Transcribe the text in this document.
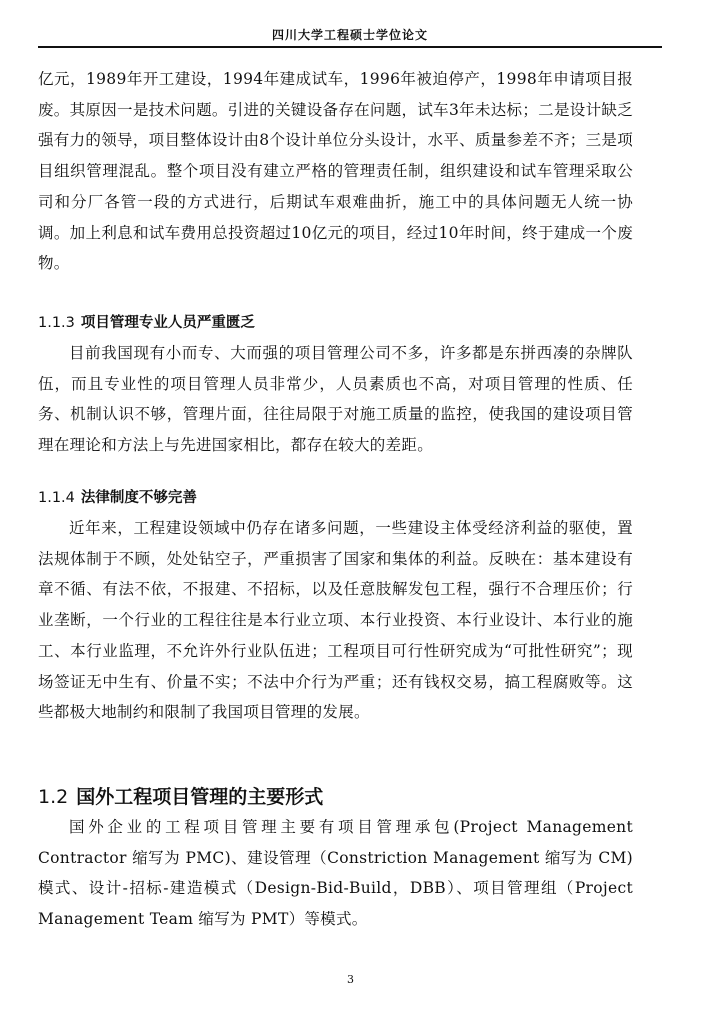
四川大学工程硕士学位论文

亿元，1989年开工建设，1994年建成试车，1996年被迫停产，1998年申请项目报废。其原因一是技术问题。引进的关键设备存在问题，试车3年未达标；二是设计缺乏强有力的领导，项目整体设计由8个设计单位分头设计，水平、质量参差不齐；三是项目组织管理混乱。整个项目没有建立严格的管理责任制，组织建设和试车管理采取公司和分厂各管一段的方式进行，后期试车艰难曲折，施工中的具体问题无人统一协调。加上利息和试车费用总投资超过10亿元的项目，经过10年时间，终于建成一个废物。

1.1.3 项目管理专业人员严重匮乏

目前我国现有小而专、大而强的项目管理公司不多，许多都是东拼西凑的杂牌队伍，而且专业性的项目管理人员非常少，人员素质也不高，对项目管理的性质、任务、机制认识不够，管理片面，往往局限于对施工质量的监控，使我国的建设项目管理在理论和方法上与先进国家相比，都存在较大的差距。

1.1.4 法律制度不够完善

近年来，工程建设领域中仍存在诸多问题，一些建设主体受经济利益的驱使，置法规体制于不顾，处处钻空子，严重损害了国家和集体的利益。反映在：基本建设有章不循、有法不依，不报建、不招标，以及任意肢解发包工程，强行不合理压价；行业垄断，一个行业的工程往往是本行业立项、本行业投资、本行业设计、本行业的施工、本行业监理，不允许外行业队伍进；工程项目可行性研究成为“可批性研究”；现场签证无中生有、价量不实；不法中介行为严重；还有钱权交易，搞工程腐败等。这些都极大地制约和限制了我国项目管理的发展。

1.2 国外工程项目管理的主要形式

国外企业的工程项目管理主要有项目管理承包(Project Management Contractor 缩写为 PMC)、建设管理（Constriction Management 缩写为 CM)模式、设计-招标-建造模式（Design-Bid-Build，DBB）、项目管理组（Project Management Team 缩写为 PMT）等模式。

3
